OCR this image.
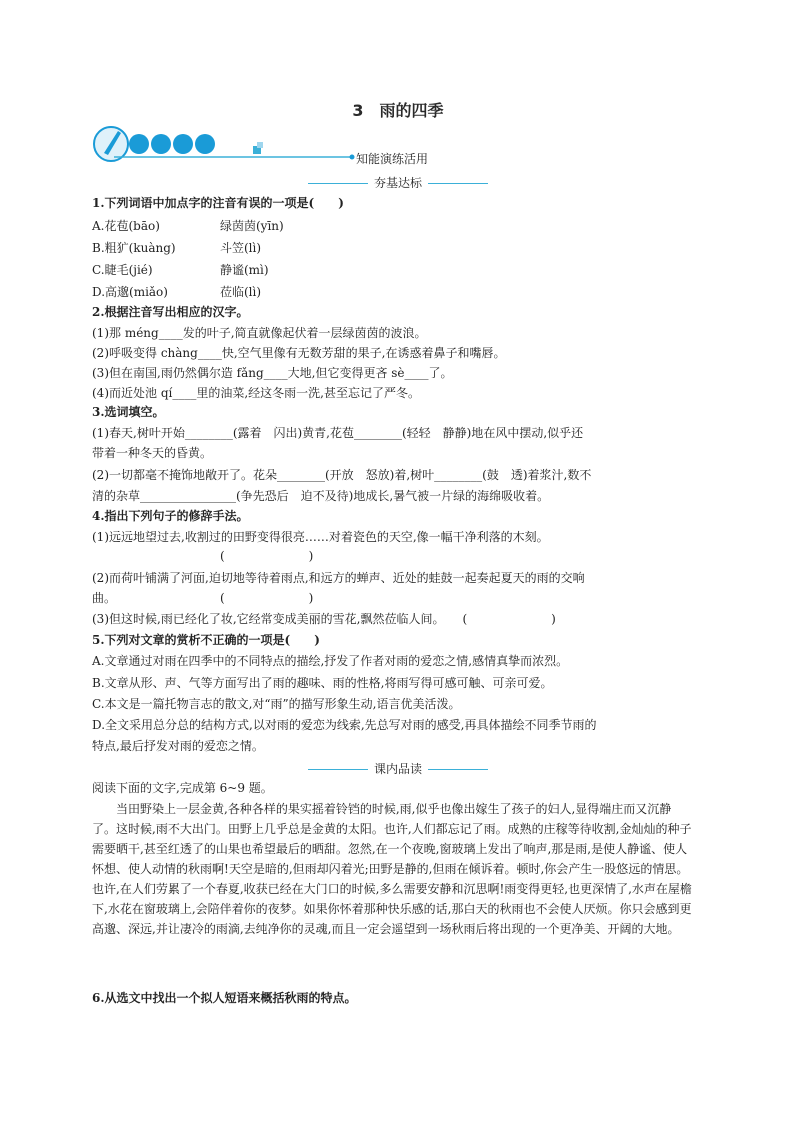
3　雨的四季
知能演练活用
夯基达标
1.下列词语中加点字的注音有误的一项是(　　)
A.花苞(bāo)	绿茵茵(yīn)
B.粗犷(kuàng)	斗笠(lì)
C.睫毛(jié)	静谧(mì)
D.高邈(miǎo)	莅临(lì)
2.根据注音写出相应的汉字。
(1)那 méng____发的叶子,简直就像起伏着一层绿茵茵的波浪。
(2)呼吸变得 chàng____快,空气里像有无数芳甜的果子,在诱惑着鼻子和嘴唇。
(3)但在南国,雨仍然偶尔造 fǎng____大地,但它变得更吝 sè____了。
(4)而近处池 qí____里的油菜,经这冬雨一洗,甚至忘记了严冬。
3.选词填空。
(1)春天,树叶开始________(露着　闪出)黄青,花苞________(轻轻　静静)地在风中摆动,似乎还
带着一种冬天的昏黄。
(2)一切都毫不掩饰地敞开了。花朵________(开放　怒放)着,树叶________(鼓　透)着浆汁,数不
清的杂草________________(争先恐后　迫不及待)地成长,暑气被一片绿的海绵吸收着。
4.指出下列句子的修辞手法。
(1)远远地望过去,收割过的田野变得很亮……对着瓷色的天空,像一幅干净利落的木刻。
(　　　　　　　)
(2)而荷叶铺满了河面,迫切地等待着雨点,和远方的蝉声、近处的蛙鼓一起奏起夏天的雨的交响
曲。	(　　　　　　　)
(3)但这时候,雨已经化了妆,它经常变成美丽的雪花,飘然莅临人间。　　(　　　　　　　)
5.下列对文章的赏析不正确的一项是(　　)
A.文章通过对雨在四季中的不同特点的描绘,抒发了作者对雨的爱恋之情,感情真挚而浓烈。
B.文章从形、声、气等方面写出了雨的趣味、雨的性格,将雨写得可感可触、可亲可爱。
C.本文是一篇托物言志的散文,对“雨”的描写形象生动,语言优美活泼。
D.全文采用总分总的结构方式,以对雨的爱恋为线索,先总写对雨的感受,再具体描绘不同季节雨的
特点,最后抒发对雨的爱恋之情。
课内品读
阅读下面的文字,完成第 6~9 题。
当田野染上一层金黄,各种各样的果实摇着铃铛的时候,雨,似乎也像出嫁生了孩子的妇人,显得端庄而又沉静了。这时候,雨不大出门。田野上几乎总是金黄的太阳。也许,人们都忘记了雨。成熟的庄稼等待收割,金灿灿的种子需要晒干,甚至红透了的山果也希望最后的晒甜。忽然,在一个夜晚,窗玻璃上发出了响声,那是雨,是使人静谧、使人怀想、使人动情的秋雨啊!天空是暗的,但雨却闪着光;田野是静的,但雨在倾诉着。顿时,你会产生一股悠远的情思。也许,在人们劳累了一个春夏,收获已经在大门口的时候,多么需要安静和沉思啊!雨变得更轻,也更深情了,水声在屋檐下,水花在窗玻璃上,会陪伴着你的夜梦。如果你怀着那种快乐感的话,那白天的秋雨也不会使人厌烦。你只会感到更高邈、深远,并让凄冷的雨滴,去纯净你的灵魂,而且一定会遥望到一场秋雨后将出现的一个更净美、开阔的大地。
6.从选文中找出一个拟人短语来概括秋雨的特点。
